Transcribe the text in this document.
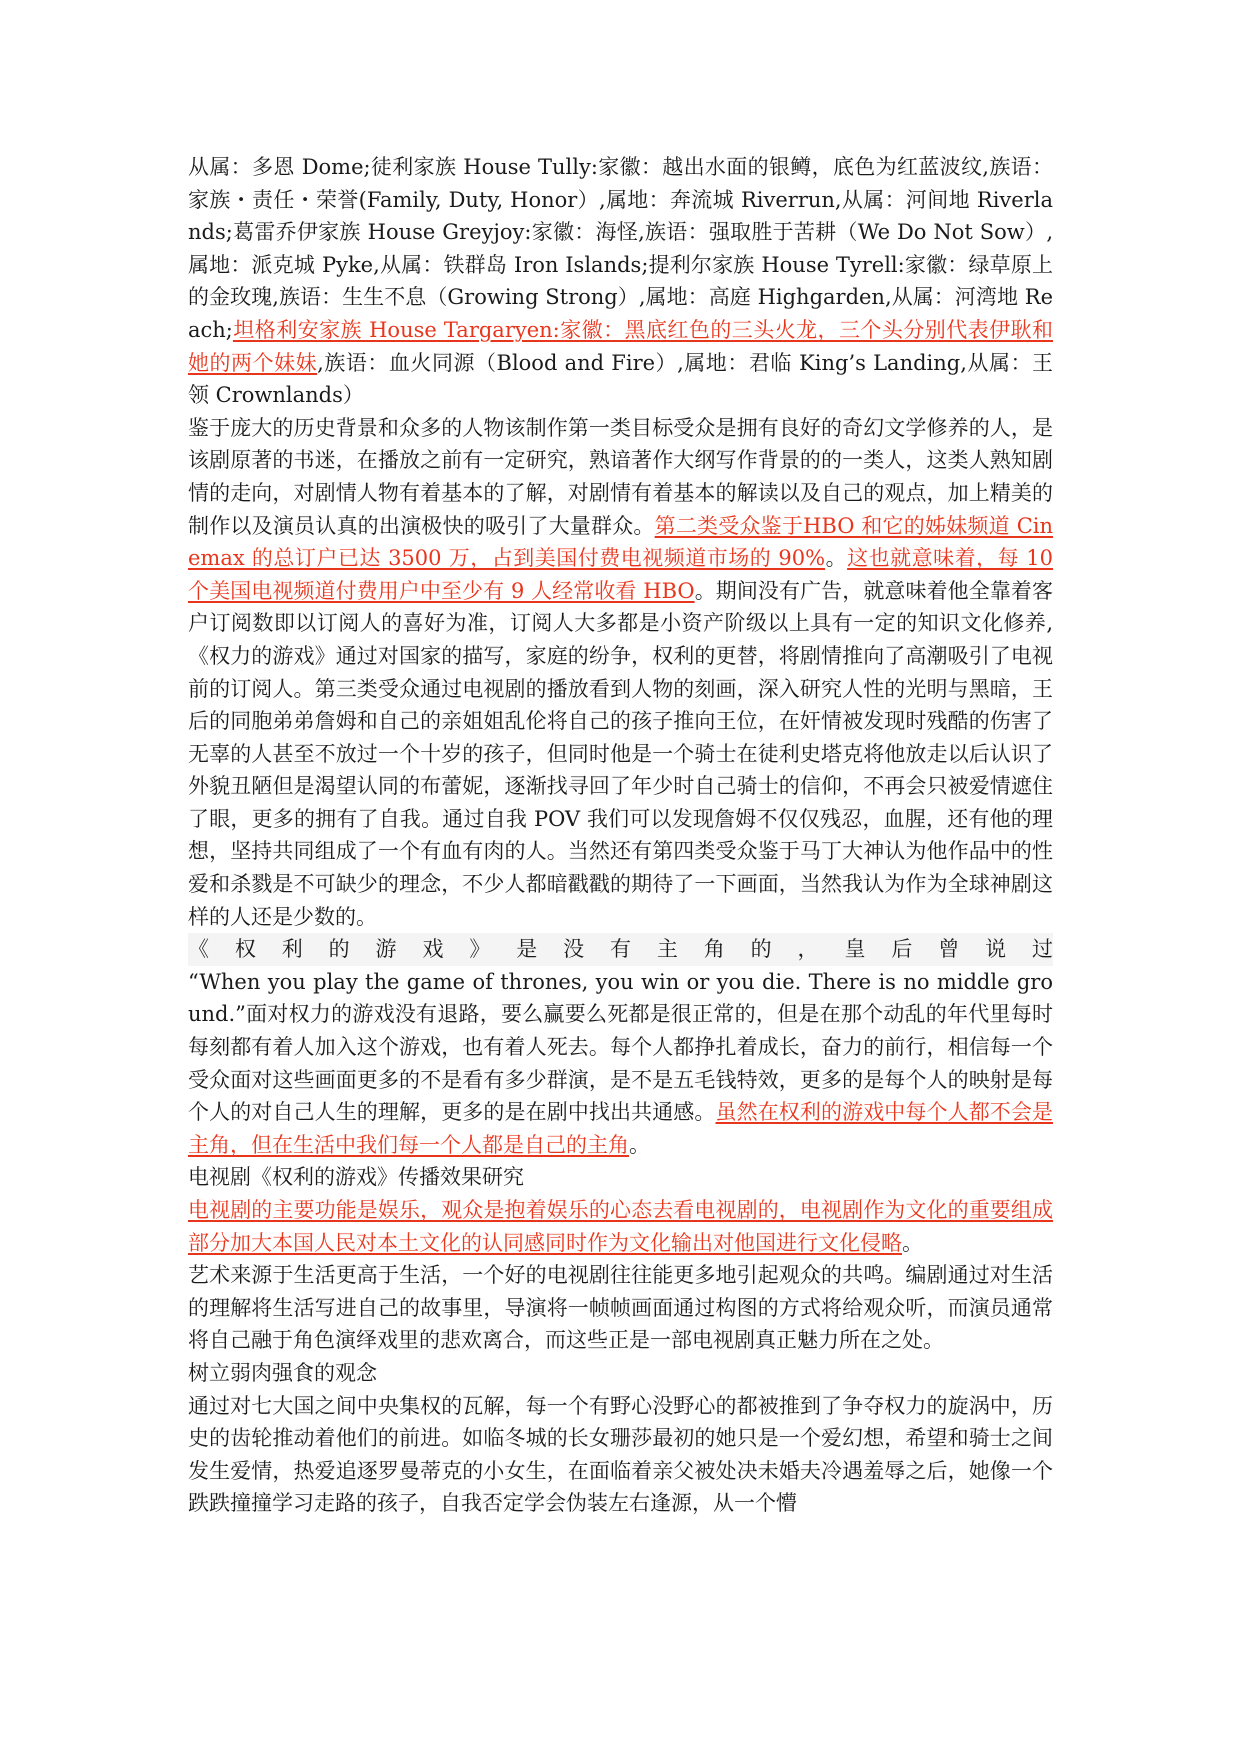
从属：多恩 Dome;徒利家族 House Tully:家徽：越出水面的银鳟，底色为红蓝波纹,族语：家族・责任・荣誉(Family, Duty, Honor）,属地：奔流城 Riverrun,从属：河间地 Riverlands;葛雷乔伊家族 House Greyjoy:家徽：海怪,族语：强取胜于苦耕（We Do Not Sow）,属地：派克城 Pyke,从属：铁群岛 Iron Islands;提利尔家族 House Tyrell:家徽：绿草原上的金玫瑰,族语：生生不息（Growing Strong）,属地：高庭 Highgarden,从属：河湾地 Reach;坦格利安家族 House Targaryen:家徽：黑底红色的三头火龙，三个头分别代表伊耿和她的两个妹妹,族语：血火同源（Blood and Fire）,属地：君临 King’s Landing,从属：王领 Crownlands）

鉴于庞大的历史背景和众多的人物该制作第一类目标受众是拥有良好的奇幻文学修养的人，是该剧原著的书迷，在播放之前有一定研究，熟谙著作大纲写作背景的的一类人，这类人熟知剧情的走向，对剧情人物有着基本的了解，对剧情有着基本的解读以及自己的观点，加上精美的制作以及演员认真的出演极快的吸引了大量群众。第二类受众鉴于HBO 和它的姊妹频道 Cinemax 的总订户已达 3500 万，占到美国付费电视频道市场的 90%。这也就意味着，每 10 个美国电视频道付费用户中至少有 9 人经常收看 HBO。期间没有广告，就意味着他全靠着客户订阅数即以订阅人的喜好为准，订阅人大多都是小资产阶级以上具有一定的知识文化修养,《权力的游戏》通过对国家的描写，家庭的纷争，权利的更替，将剧情推向了高潮吸引了电视前的订阅人。第三类受众通过电视剧的播放看到人物的刻画，深入研究人性的光明与黑暗，王后的同胞弟弟詹姆和自己的亲姐姐乱伦将自己的孩子推向王位，在奸情被发现时残酷的伤害了无辜的人甚至不放过一个十岁的孩子，但同时他是一个骑士在徒利史塔克将他放走以后认识了外貌丑陋但是渴望认同的布蕾妮，逐渐找寻回了年少时自己骑士的信仰，不再会只被爱情遮住了眼，更多的拥有了自我。通过自我 POV 我们可以发现詹姆不仅仅残忍，血腥，还有他的理想，坚持共同组成了一个有血有肉的人。当然还有第四类受众鉴于马丁大神认为他作品中的性爱和杀戮是不可缺少的理念，不少人都暗戳戳的期待了一下画面，当然我认为作为全球神剧这样的人还是少数的。

《 权 利 的 游 戏 》 是 没 有 主 角 的 ， 皇 后 曾 说 过
“When you play the game of thrones, you win or you die. There is no middle ground.”面对权力的游戏没有退路，要么赢要么死都是很正常的，但是在那个动乱的年代里每时每刻都有着人加入这个游戏，也有着人死去。每个人都挣扎着成长，奋力的前行，相信每一个受众面对这些画面更多的不是看有多少群演，是不是五毛钱特效，更多的是每个人的映射是每个人的对自己人生的理解，更多的是在剧中找出共通感。虽然在权利的游戏中每个人都不会是主角，但在生活中我们每一个人都是自己的主角。

电视剧《权利的游戏》传播效果研究

电视剧的主要功能是娱乐，观众是抱着娱乐的心态去看电视剧的，电视剧作为文化的重要组成部分加大本国人民对本土文化的认同感同时作为文化输出对他国进行文化侵略。

艺术来源于生活更高于生活，一个好的电视剧往往能更多地引起观众的共鸣。编剧通过对生活的理解将生活写进自己的故事里，导演将一帧帧画面通过构图的方式将给观众听，而演员通常将自己融于角色演绎戏里的悲欢离合，而这些正是一部电视剧真正魅力所在之处。

树立弱肉强食的观念

通过对七大国之间中央集权的瓦解，每一个有野心没野心的都被推到了争夺权力的旋涡中，历史的齿轮推动着他们的前进。如临冬城的长女珊莎最初的她只是一个爱幻想，希望和骑士之间发生爱情，热爱追逐罗曼蒂克的小女生，在面临着亲父被处决未婚夫冷遇羞辱之后，她像一个跌跌撞撞学习走路的孩子，自我否定学会伪装左右逢源，从一个懵
